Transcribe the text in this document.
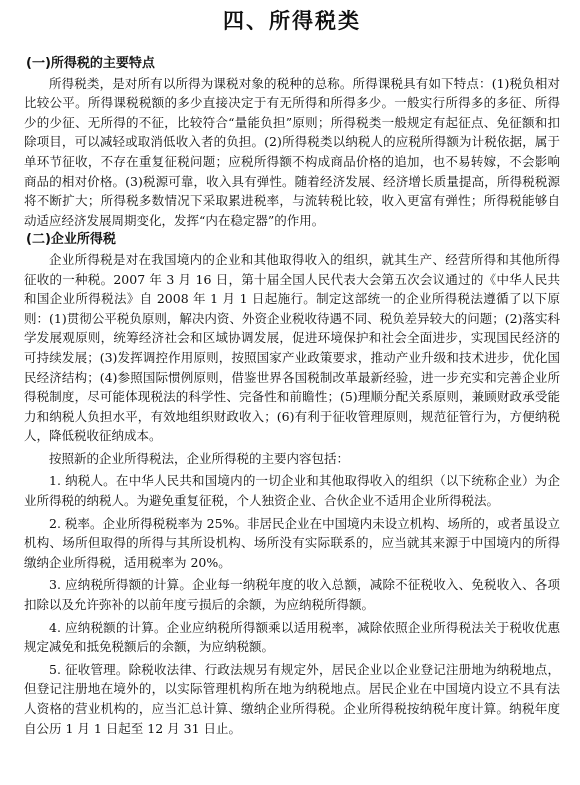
四、所得税类
(一)所得税的主要特点

所得税类，是对所有以所得为课税对象的税种的总称。所得课税具有如下特点：(1)税负相对比较公平。所得课税税额的多少直接决定于有无所得和所得多少。一般实行所得多的多征、所得少的少征、无所得的不征，比较符合“量能负担”原则；所得税类一般规定有起征点、免征额和扣除项目，可以减轻或取消低收入者的负担。(2)所得税类以纳税人的应税所得额为计税依据，属于单环节征收，不存在重复征税问题；应税所得额不构成商品价格的追加，也不易转嫁，不会影响商品的相对价格。(3)税源可靠，收入具有弹性。随着经济发展、经济增长质量提高，所得税税源将不断扩大；所得税多数情况下采取累进税率，与流转税比较，收入更富有弹性；所得税能够自动适应经济发展周期变化，发挥“内在稳定器”的作用。

(二)企业所得税

企业所得税是对在我国境内的企业和其他取得收入的组织，就其生产、经营所得和其他所得征收的一种税。2007 年 3 月 16 日，第十届全国人民代表大会第五次会议通过的《中华人民共和国企业所得税法》自 2008 年 1 月 1 日起施行。制定这部统一的企业所得税法遵循了以下原则：(1)贯彻公平税负原则，解决内资、外资企业税收待遇不同、税负差异较大的问题；(2)落实科学发展观原则，统筹经济社会和区域协调发展，促进环境保护和社会全面进步，实现国民经济的可持续发展；(3)发挥调控作用原则，按照国家产业政策要求，推动产业升级和技术进步，优化国民经济结构；(4)参照国际惯例原则，借鉴世界各国税制改革最新经验，进一步充实和完善企业所得税制度，尽可能体现税法的科学性、完备性和前瞻性；(5)理顺分配关系原则，兼顾财政承受能力和纳税人负担水平，有效地组织财政收入；(6)有利于征收管理原则，规范征管行为，方便纳税人，降低税收征纳成本。

按照新的企业所得税法，企业所得税的主要内容包括：

1. 纳税人。在中华人民共和国境内的一切企业和其他取得收入的组织（以下统称企业）为企业所得税的纳税人。为避免重复征税，个人独资企业、合伙企业不适用企业所得税法。

2. 税率。企业所得税税率为 25%。非居民企业在中国境内未设立机构、场所的，或者虽设立机构、场所但取得的所得与其所设机构、场所没有实际联系的，应当就其来源于中国境内的所得缴纳企业所得税，适用税率为 20%。

3. 应纳税所得额的计算。企业每一纳税年度的收入总额，减除不征税收入、免税收入、各项扣除以及允许弥补的以前年度亏损后的余额，为应纳税所得额。

4. 应纳税额的计算。企业应纳税所得额乘以适用税率，减除依照企业所得税法关于税收优惠规定减免和抵免税额后的余额，为应纳税额。

5. 征收管理。除税收法律、行政法规另有规定外，居民企业以企业登记注册地为纳税地点，但登记注册地在境外的，以实际管理机构所在地为纳税地点。居民企业在中国境内设立不具有法人资格的营业机构的，应当汇总计算、缴纳企业所得税。企业所得税按纳税年度计算。纳税年度自公历 1 月 1 日起至 12 月 31 日止。
